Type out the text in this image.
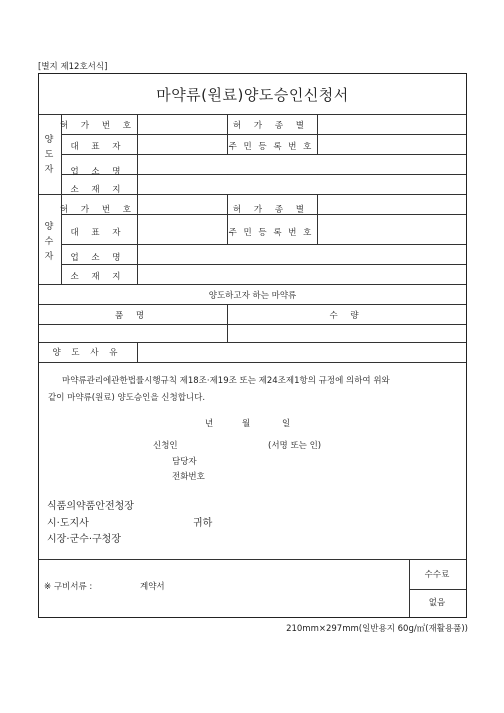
[별지 제12호서식]
마약류(원료)양도승인신청서
양
도
자
허 가 번 호	허 가 종 별
대 표 자	주 민 등 록 번 호
업 소 명
소 재 지
양
수
자
허 가 번 호	허 가 종 별
대 표 자	주 민 등 록 번 호
업 소 명
소 재 지
양도하고자 하는 마약류
품 명	수 량
양 도 사 유
마약류관리에관한법률시행규칙 제18조·제19조 또는 제24조제1항의 규정에 의하여 위와
같이 마약류(원료) 양도승인을 신청합니다.
년	월	일
신청인	(서명 또는 인)
담당자
전화번호
식품의약품안전청장
시·도지사	귀하
시장·군수·구청장
※ 구비서류 :	계약서
수수료
없음
210mm×297mm(일반용지 60g/㎡(재활용품))
